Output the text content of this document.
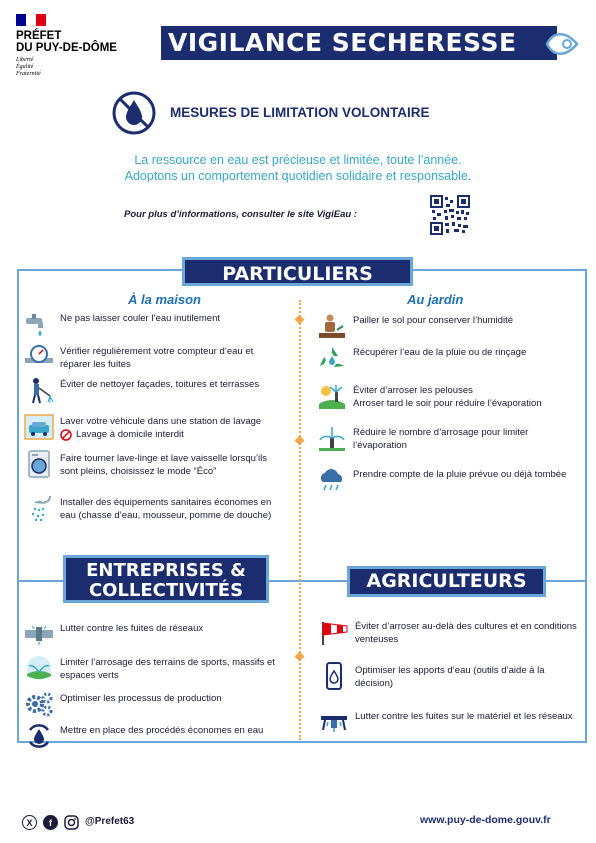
PRÉFET
DU PUY-DE-DÔME
Liberté
Égalité
Fraternité
VIGILANCE SECHERESSE
MESURES DE LIMITATION VOLONTAIRE
La ressource en eau est précieuse et limitée, toute l’année.
Adoptons un comportement quotidien solidaire et responsable.
Pour plus d’informations, consulter le site VigiEau :
PARTICULIERS
À la maison	Au jardin
Ne pas laisser couler l’eau inutilement
Vérifier régulièrement votre compteur d’eau et réparer les fuites
Éviter de nettoyer façades, toitures et terrasses
Laver votre véhicule dans une station de lavage
Lavage à domicile interdit
Faire tourner lave-linge et lave vaisselle lorsqu’ils sont pleins, choisissez le mode “Éco”
Installer des équipements sanitaires économes en eau (chasse d’eau, mousseur, pomme de douche)
Pailler le sol pour conserver l’humidité
Récupérer l’eau de la pluie ou de rinçage
Éviter d’arroser les pelouses
Arroser tard le soir pour réduire l’évaporation
Réduire le nombre d’arrosage pour limiter l’évaporation
Prendre compte de la pluie prévue ou déjà tombée
ENTREPRISES &
COLLECTIVITÉS
Lutter contre les fuites de réseaux
Limiter l’arrosage des terrains de sports, massifs et espaces verts
Optimiser les processus de production
Mettre en place des procédés économes en eau
AGRICULTEURS
Éviter d’arroser au-delà des cultures et en conditions venteuses
Optimiser les apports d’eau (outils d’aide à la décision)
Lutter contre les fuites sur le matériel et les réseaux
X f	@Prefet63	www.puy-de-dome.gouv.fr
